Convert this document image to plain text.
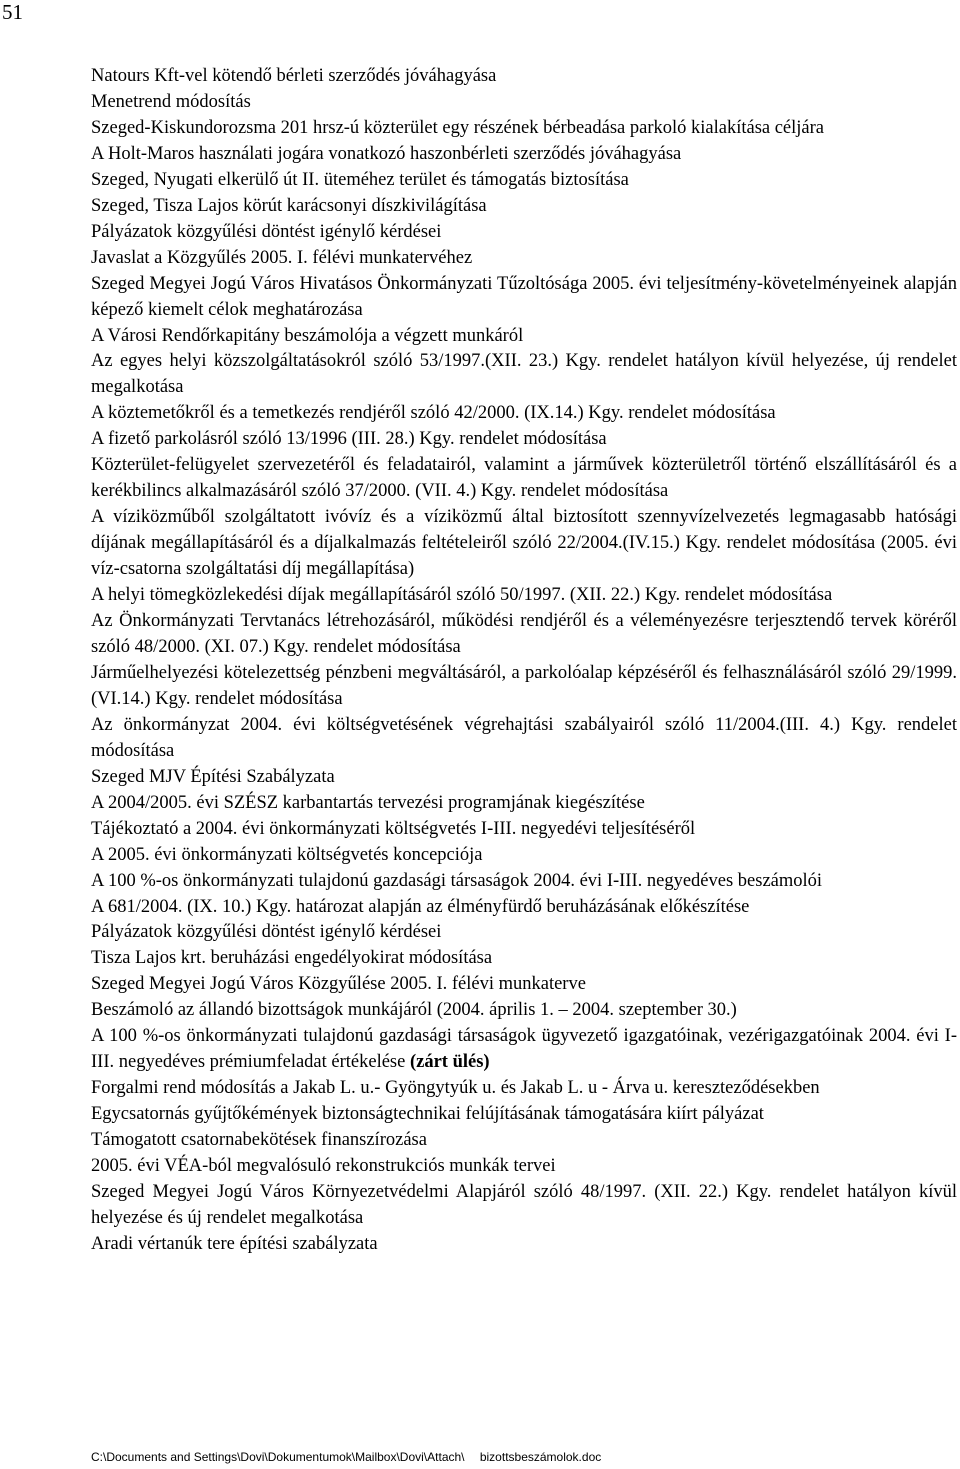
51
Natours Kft-vel kötendő bérleti szerződés jóváhagyása
Menetrend módosítás
Szeged-Kiskundorozsma 201 hrsz-ú közterület egy részének bérbeadása parkoló kialakítása céljára
A Holt-Maros használati jogára vonatkozó haszonbérleti szerződés jóváhagyása
Szeged, Nyugati elkerülő út II. üteméhez terület és támogatás biztosítása
Szeged, Tisza Lajos körút karácsonyi díszkivilágítása
Pályázatok közgyűlési döntést igénylő kérdései
Javaslat a Közgyűlés 2005. I. félévi munkatervéhez
Szeged Megyei Jogú Város Hivatásos Önkormányzati Tűzoltósága 2005. évi teljesítmény-követelményeinek alapján képező kiemelt célok meghatározása
A Városi Rendőrkapitány beszámolója a végzett munkáról
Az egyes helyi közszolgáltatásokról szóló 53/1997.(XII. 23.) Kgy. rendelet hatályon kívül helyezése, új rendelet megalkotása
A köztemetőkről és a temetkezés rendjéről szóló 42/2000. (IX.14.) Kgy. rendelet módosítása
A fizető parkolásról szóló 13/1996 (III. 28.) Kgy. rendelet módosítása
Közterület-felügyelet szervezetéről és feladatairól, valamint a járművek közterületről történő elszállításáról és a kerékbilincs alkalmazásáról szóló 37/2000. (VII. 4.) Kgy. rendelet módosítása
A víziközműből szolgáltatott ivóvíz és a víziközmű által biztosított szennyvízelvezetés legmagasabb hatósági díjának megállapításáról és a díjalkalmazás feltételeiről szóló 22/2004.(IV.15.) Kgy. rendelet módosítása (2005. évi víz-csatorna szolgáltatási díj megállapítása)
A helyi tömegközlekedési díjak megállapításáról szóló 50/1997. (XII. 22.) Kgy. rendelet módosítása
Az Önkormányzati Tervtanács létrehozásáról, működési rendjéről és a véleményezésre terjesztendő tervek köréről szóló 48/2000. (XI. 07.) Kgy. rendelet módosítása
Járműelhelyezési kötelezettség pénzbeni megváltásáról, a parkolóalap képzéséről és felhasználásáról szóló 29/1999.(VI.14.) Kgy. rendelet módosítása
Az önkormányzat 2004. évi költségvetésének végrehajtási szabályairól szóló 11/2004.(III. 4.) Kgy. rendelet módosítása
Szeged MJV Építési Szabályzata
A 2004/2005. évi SZÉSZ karbantartás tervezési programjának kiegészítése
Tájékoztató a 2004. évi önkormányzati költségvetés I-III. negyedévi teljesítéséről
A 2005. évi önkormányzati költségvetés koncepciója
A 100 %-os önkormányzati tulajdonú gazdasági társaságok 2004. évi I-III. negyedéves beszámolói
A 681/2004. (IX. 10.) Kgy. határozat alapján az élményfürdő beruházásának előkészítése
Pályázatok közgyűlési döntést igénylő kérdései
Tisza Lajos krt. beruházási engedélyokirat módosítása
Szeged Megyei Jogú Város Közgyűlése 2005. I. félévi munkaterve
Beszámoló az állandó bizottságok munkájáról (2004. április 1. – 2004. szeptember 30.)
A 100 %-os önkormányzati tulajdonú gazdasági társaságok ügyvezető igazgatóinak, vezérigazgatóinak 2004. évi I-III. negyedéves prémiumfeladat értékelése (zárt ülés)
Forgalmi rend módosítás a Jakab L. u.- Gyöngytyúk u. és Jakab L. u - Árva u. kereszteződésekben
Egycsatornás gyűjtőkémények biztonságtechnikai felújításának támogatására kiírt pályázat
Támogatott csatornabekötések finanszírozása
2005. évi VÉA-ból megvalósuló rekonstrukciós munkák tervei
Szeged Megyei Jogú Város Környezetvédelmi Alapjáról szóló 48/1997. (XII. 22.) Kgy. rendelet hatályon kívül helyezése és új rendelet megalkotása
Aradi vértanúk tere építési szabályzata
C:\Documents and Settings\Dovi\Dokumentumok\Mailbox\Dovi\Attach\ bizottsbeszámolok.doc
